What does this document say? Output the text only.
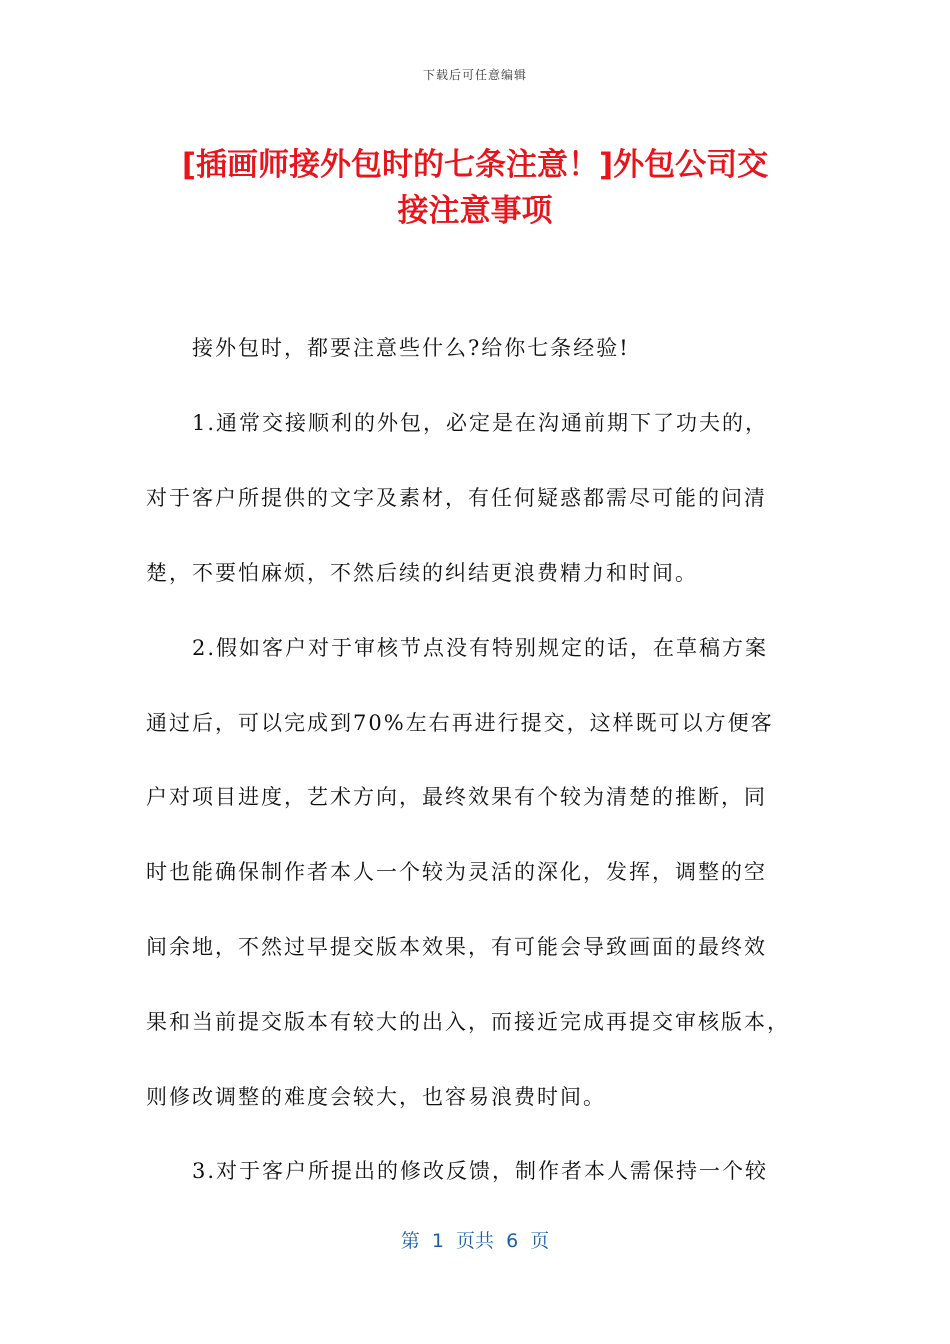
下载后可任意编辑
[插画师接外包时的七条注意！]外包公司交
接注意事项
接外包时，都要注意些什么?给你七条经验!
1.通常交接顺利的外包，必定是在沟通前期下了功夫的，
对于客户所提供的文字及素材，有任何疑惑都需尽可能的问清
楚，不要怕麻烦，不然后续的纠结更浪费精力和时间。
2.假如客户对于审核节点没有特别规定的话，在草稿方案
通过后，可以完成到70%左右再进行提交，这样既可以方便客
户对项目进度，艺术方向，最终效果有个较为清楚的推断，同
时也能确保制作者本人一个较为灵活的深化，发挥，调整的空
间余地，不然过早提交版本效果，有可能会导致画面的最终效
果和当前提交版本有较大的出入，而接近完成再提交审核版本，
则修改调整的难度会较大，也容易浪费时间。
3.对于客户所提出的修改反馈，制作者本人需保持一个较
第  1  页共  6  页
